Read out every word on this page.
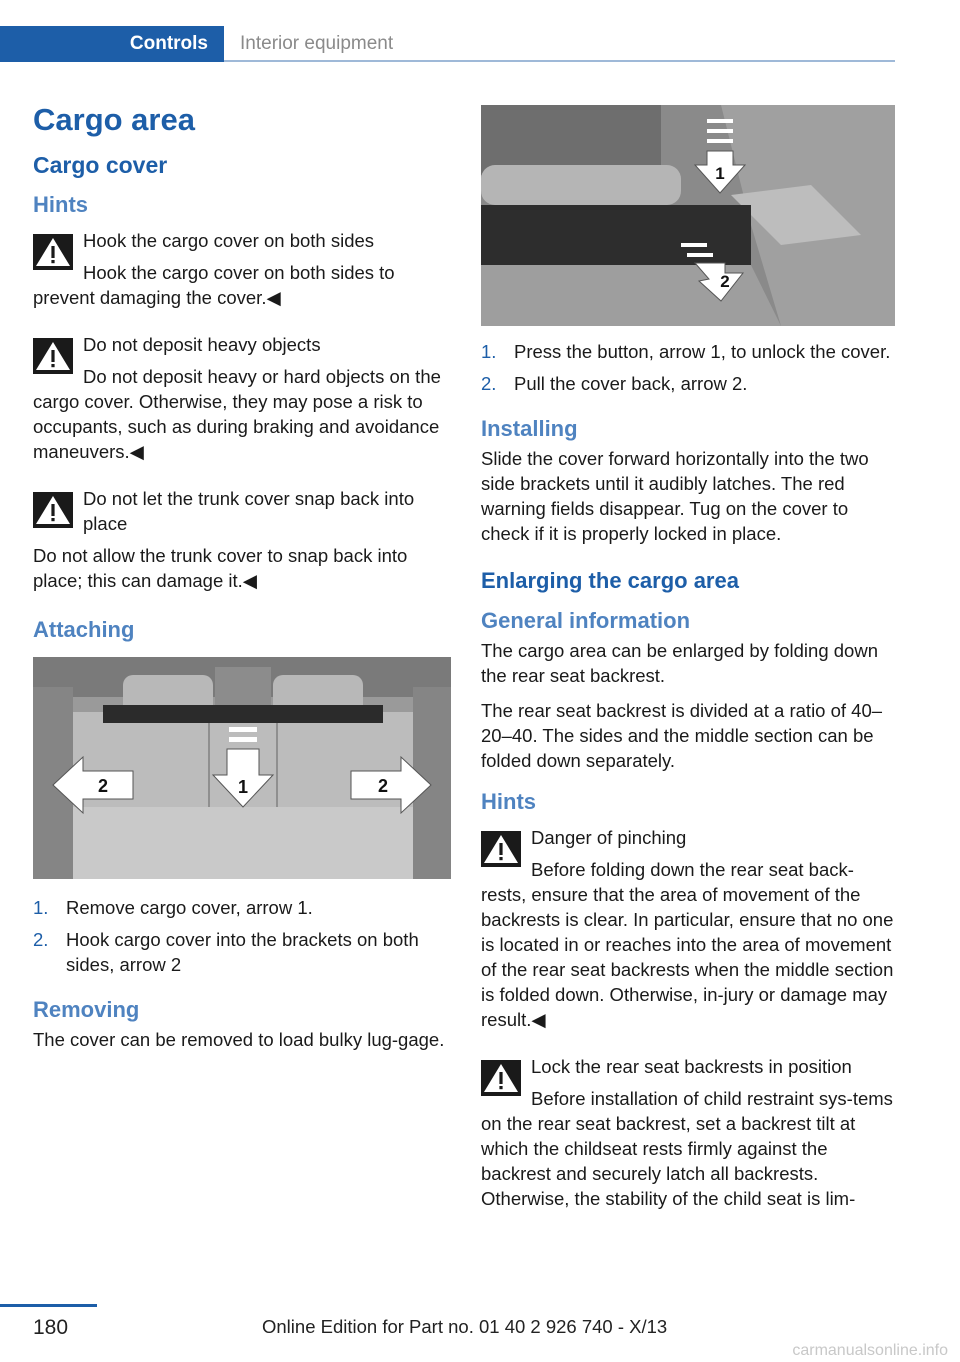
Controls	Interior equipment
Cargo area
Cargo cover
Hints

Hook the cargo cover on both sides

Hook the cargo cover on both sides to prevent damaging the cover.◀

Do not deposit heavy objects

Do not deposit heavy or hard objects on the cargo cover. Otherwise, they may pose a risk to occupants, such as during braking and avoidance maneuvers.◀

Do not let the trunk cover snap back into place

Do not allow the trunk cover to snap back into place; this can damage it.◀

Attaching
1
2	2
1. Remove cargo cover, arrow 1.
2. Hook cargo cover into the brackets on both sides, arrow 2
Removing

The cover can be removed to load bulky lug‐gage.

1
2
1. Press the button, arrow 1, to unlock the cover.
2. Pull the cover back, arrow 2.
Installing

Slide the cover forward horizontally into the two side brackets until it audibly latches. The red warning fields disappear. Tug on the cover to check if it is properly locked in place.

Enlarging the cargo area
General information

The cargo area can be enlarged by folding down the rear seat backrest.

The rear seat backrest is divided at a ratio of 40–20–40. The sides and the middle section can be folded down separately.

Hints

Danger of pinching

Before folding down the rear seat back‐rests, ensure that the area of movement of the backrests is clear. In particular, ensure that no one is located in or reaches into the area of movement of the rear seat backrests when the middle section is folded down. Otherwise, in‐jury or damage may result.◀

Lock the rear seat backrests in position

Before installation of child restraint sys‐tems on the rear seat backrest, set a backrest tilt at which the childseat rests firmly against the backrest and securely latch all backrests. Otherwise, the stability of the child seat is lim‐

180	Online Edition for Part no. 01 40 2 926 740 - X/13
carmanualsonline.info
